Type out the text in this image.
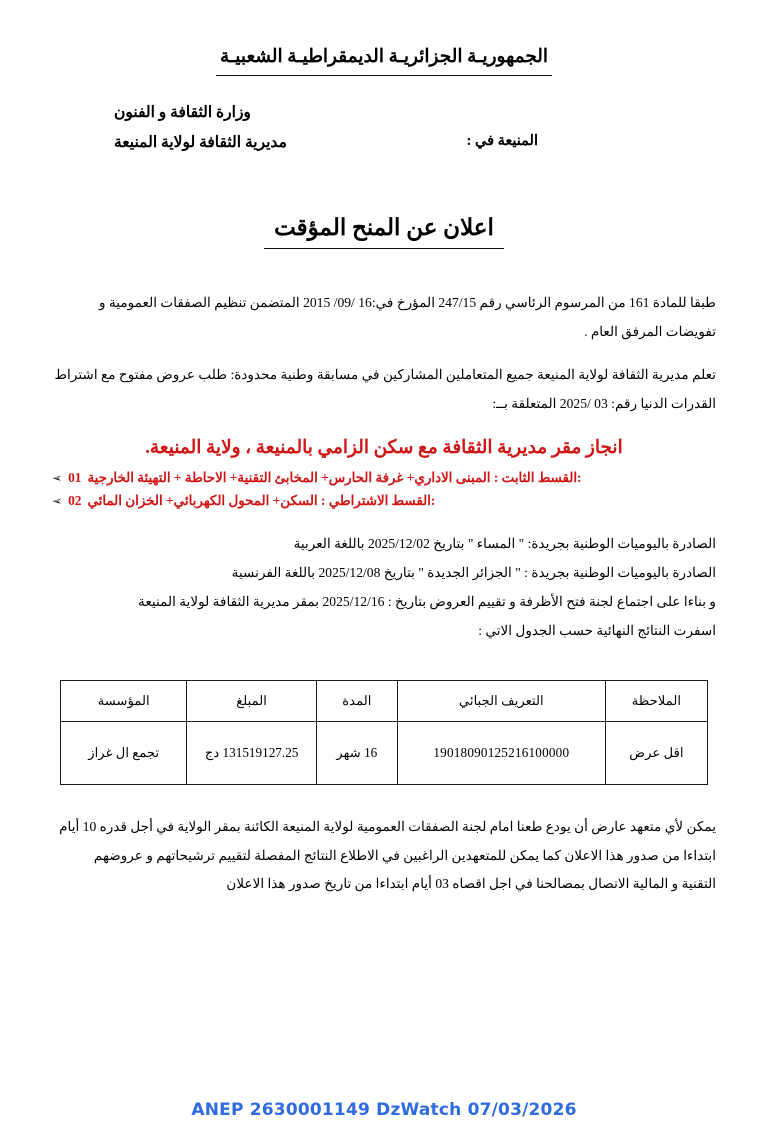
الجمهوريـة الجزائريـة الديمقراطيـة الشعبيـة
وزارة الثقافة و الفنون
مديرية الثقافة لولاية المنيعة	المنيعة في :
اعلان عن المنح المؤقت

طبقا للمادة 161 من المرسوم الرئاسي رقم 247/15 المؤرخ في:16 /09/ 2015 المتضمن تنظيم الصفقات العمومية و

تفويضات المرفق العام .

تعلم مديرية الثقافة لولاية المنيعة جميع المتعاملين المشاركين في مسابقة وطنية محدودة: طلب عروض مفتوح مع اشتراط

القدرات الدنيا رقم: 03 /2025 المتعلقة بــ:

انجاز مقر مديرية الثقافة مع سكن الزامي بالمنيعة ، ولاية المنيعة.
:القسط الثابت : المبنى الاداري+ غرفة الحارس+ المخابئ التقنية+ الاحاطة + التهيئة الخارجية
01
➢
:القسط الاشتراطي : السكن+ المحول الكهربائي+ الخزان المائي
02
➢

الصادرة باليوميات الوطنية بجريدة: " المساء " بتاريخ 2025/12/02 باللغة العربية

الصادرة باليوميات الوطنية بجريدة : " الجزائر الجديدة " بتاريخ 2025/12/08 باللغة الفرنسية

و بناءا على اجتماع لجنة فتح الأظرفة و تقييم العروض بتاريخ : 2025/12/16 بمقر مديرية الثقافة لولاية المنيعة

اسفرت النتائج النهائية حسب الجدول الاتي :

الملاحظة	التعريف الجبائي	المدة	المبلغ	المؤسسة
اقل عرض	19018090125216100000	16 شهر	131519127.25 دج	تجمع ال غراز

يمكن لأي متعهد عارض أن يودع طعنا امام لجنة الصفقات العمومية لولاية المنيعة الكائنة بمقر الولاية في أجل قدره 10 أيام

ابتداءا من صدور هذا الاعلان كما يمكن للمتعهدين الراغبين في الاطلاع النتائج المفصلة لتقييم ترشيحاتهم و عروضهم

التقنية و المالية الاتصال بمصالحنا في اجل اقصاه 03 أيام ابتداءا من تاريخ صدور هذا الاعلان

ANEP 2630001149 DzWatch 07/03/2026
